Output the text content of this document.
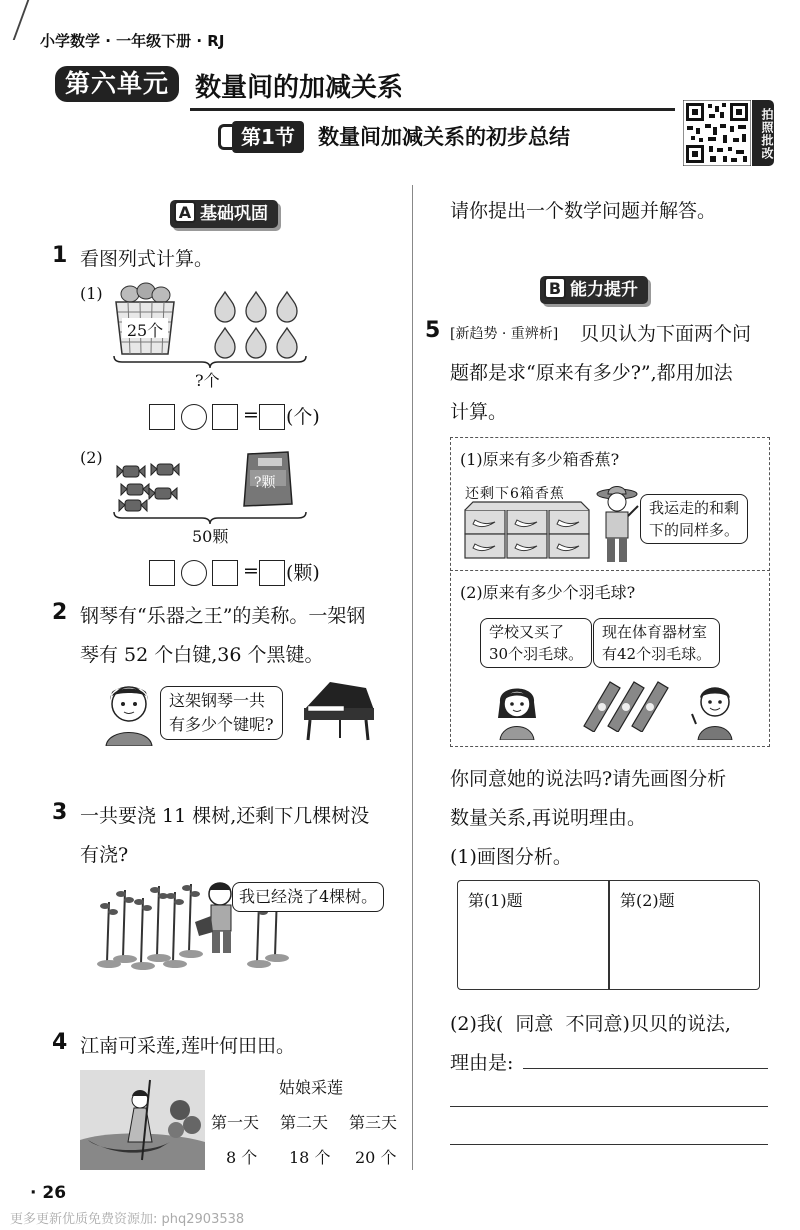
小学数学 · 一年级下册 · RJ
第六单元 数量间的加减关系
第1节	数量间加减关系的初步总结	拍照批改
A 基础巩固
1 看图列式计算。
(1)
25个
?个
= (个)
(2)
?颗
50颗
= (颗)
2 钢琴有“乐器之王”的美称。一架钢
琴有 52 个白键,36 个黑键。
这架钢琴一共
有多少个键呢?
3 一共要浇 11 棵树,还剩下几棵树没
有浇?
我已经浇了4棵树。
4 江南可采莲,莲叶何田田。
姑娘采莲
第一天 第二天 第三天
8 个 18 个 20 个
请你提出一个数学问题并解答。
B 能力提升
5 [新趋势 · 重辨析] 贝贝认为下面两个问
题都是求“原来有多少?”,都用加法
计算。
(1)原来有多少箱香蕉?
还剩下6箱香蕉
我运走的和剩
下的同样多。
(2)原来有多少个羽毛球?
学校又买了
30个羽毛球。
现在体育器材室
有42个羽毛球。
你同意她的说法吗?请先画图分析
数量关系,再说明理由。
(1)画图分析。
第(1)题	第(2)题
(2)我(  同意  不同意)贝贝的说法,
理由是:
· 26
更多更新优质免费资源加: phq2903538
